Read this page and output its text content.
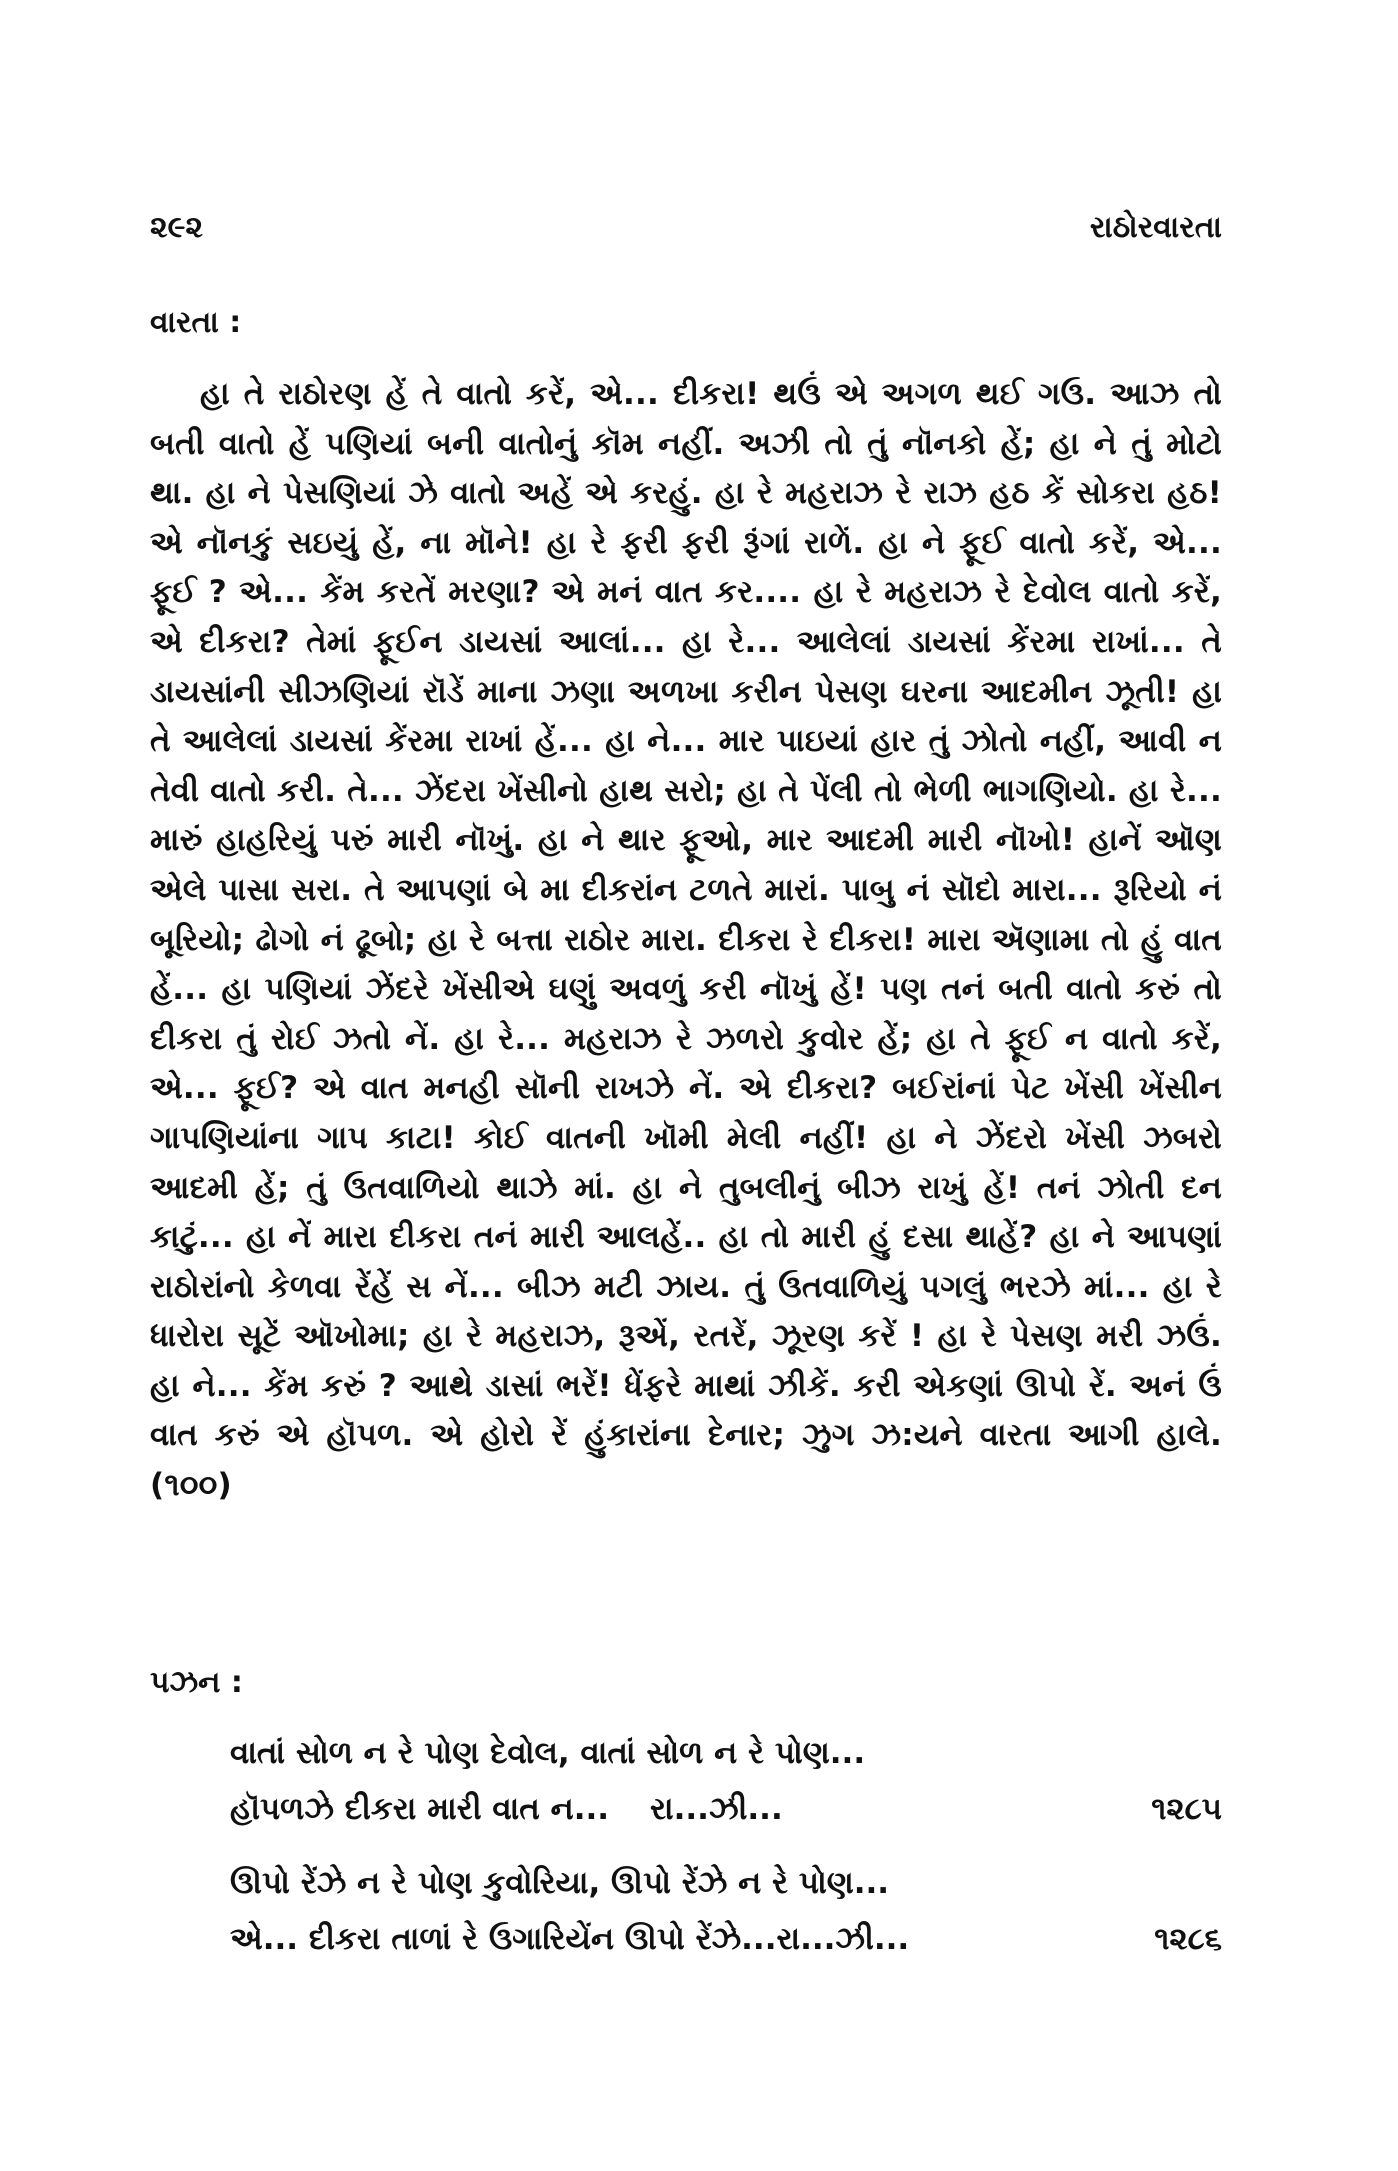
૨૯૨	રાઠોરવારતા
વારતા :

હા તે રાઠોરણ હેં તે વાતો કરેં, એ... દીકરા! થઉં એ અગળ થઈ ગઉ. આઝ તો બતી વાતો હેં પણિયાં બની વાતોનું કૉમ નહીં. અઝી તો તું નૉનકો હેં; હા ને તું મોટો થા. હા ને પેસણિયાં ઝે વાતો અહેં એ કરહું. હા રે મહરાઝ રે રાઝ હઠ કેં સોકરા હઠ! એ નૉનકું સઇયું હેં, ના મૉને! હા રે ફરી ફરી રૂંગાં રાળેં. હા ને ફૂઈ વાતો કરેં, એ... ફૂઈ ? એ... કેંમ કરતેં મરણા? એ મનં વાત કર.... હા રે મહરાઝ રે દેવોલ વાતો કરેં, એ દીકરા? તેમાં ફૂઈન ડાયસાં આલાં... હા રે... આલેલાં ડાયસાં કેંરમા રાખાં... તે ડાયસાંની સીઝણિયાં રૉડેં માના ઝણા અળખા કરીન પેસણ ઘરના આદમીન ઝૂતી! હા તે આલેલાં ડાયસાં કેંરમા રાખાં હેં... હા ને... માર પાઇયાં હાર તું ઝોતો નહીં, આવી ન તેવી વાતો કરી. તે... ઝેંદરા ખેંસીનો હાથ સરો; હા તે પેંલી તો ભેળી ભાગણિયો. હા રે... મારું હાહરિયું પરું મારી નૉખું. હા ને થાર ફૂઓ, માર આદમી મારી નૉખો! હાનેં ઑણ એલે પાસા સરા. તે આપણાં બે મા દીકરાંન ટળતે મારાં. પાબુ નં સૉદો મારા... રૂરિયો નં બૂરિયો; ઢોગો નં ઢૂબો; હા રે બત્તા રાઠોર મારા. દીકરા રે દીકરા! મારા ઍણામા તો હું વાત હેં... હા પણિયાં ઝેંદરે ખેંસીએ ઘણું અવળું કરી નૉખું હેં! પણ તનં બતી વાતો કરું તો દીકરા તું રોઈ ઝતો નેં. હા રે... મહરાઝ રે ઝળરો કુવોર હેં; હા તે ફૂઈ ન વાતો કરેં, એ... ફૂઈ? એ વાત મનહી સૉની રાખઝે નેં. એ દીકરા? બઈરાંનાં પેટ ખેંસી ખેંસીન ગાપણિયાંના ગાપ કાટા! કોઈ વાતની ખૉમી મેલી નહીં! હા ને ઝેંદરો ખેંસી ઝબરો આદમી હેં; તું ઉતવાળિયો થાઝે માં. હા ને તુબલીનું બીઝ રાખું હેં! તનં ઝોતી દન કાટું... હા નેં મારા દીકરા તનં મારી આલહેં.. હા તો મારી હું દસા થાહેં? હા ને આપણાં રાઠોરાંનો કેળવા રેંહેં સ નેં... બીઝ મટી ઝાય. તું ઉતવાળિયું પગલું ભરઝે માં... હા રે ધારોરા સૂટેં ઑખોમા; હા રે મહરાઝ, રૂએં, રતરેં, ઝૂરણ કરેં ! હા રે પેસણ મરી ઝઉં. હા ને... કેંમ કરું ? આથે ડાસાં ભરેં! ધેંફરે માથાં ઝીકેં. કરી એકણાં ઊપો રેં. અનં ઉં વાત કરું એ હૉપળ. એ હોરો રેં હુંકારાંના દેનાર; ઝુગ ઝ:યને વારતા આગી હાલે. (૧૦૦)

પઝન :
વાતાં સોળ ન રે પોણ દેવોલ, વાતાં સોળ ન રે પોણ...
હૉપળઝે દીકરા મારી વાત ન... રા...ઝી...	૧૨૮૫
ઊપો રેંઝે ન રે પોણ કુવોરિયા, ઊપો રેંઝે ન રે પોણ...
એ... દીકરા તાળાં રે ઉગારિયેંન ઊપો રેંઝે...રા...ઝી...	૧૨૮૬
